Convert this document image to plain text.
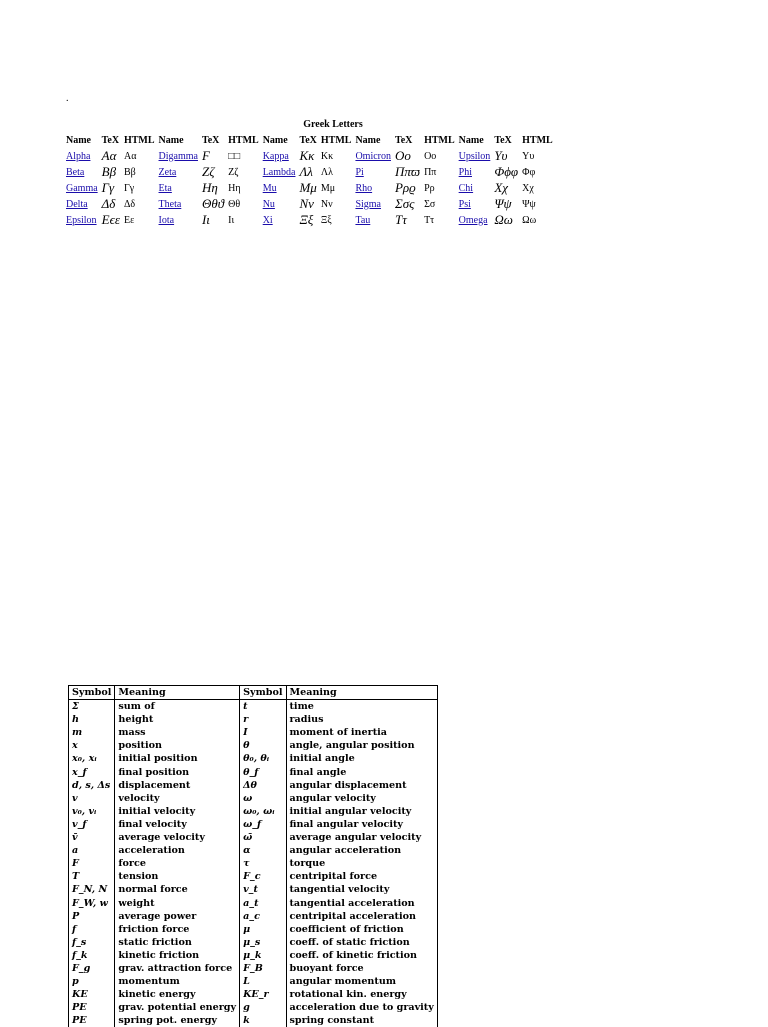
.
Greek Letters
Name	TeX	HTML	Name	TeX	HTML	Name	TeX	HTML	Name	TeX	HTML	Name	TeX	HTML
Alpha	Αα	Αα	Digamma	Ϝ	□□	Kappa	Κκ	Κκ	Omicron	Οο	Οο	Upsilon	Υυ	Υυ
Beta	Ββ	Ββ	Zeta	Ζζ	Ζζ	Lambda	Λλ	Λλ	Pi	Ππϖ	Ππ	Phi	Φϕφ	Φφ
Gamma	Γγ	Γγ	Eta	Ηη	Ηη	Mu	Μμ	Μμ	Rho	Ρρϱ	Ρρ	Chi	Χχ	Χχ
Delta	Δδ	Δδ	Theta	Θθϑ	Θθ	Nu	Νν	Νν	Sigma	Σσς	Σσ	Psi	Ψψ	Ψψ
Epsilon	Εϵε	Εε	Iota	Ιι	Ιι	Xi	Ξξ	Ξξ	Tau	Ττ	Ττ	Omega	Ωω	Ωω
Symbol	Meaning	Symbol	Meaning
Σ	sum of	t	time
h	height	r	radius
m	mass	I	moment of inertia
x	position	θ	angle, angular position
x₀, xᵢ	initial position	θ₀, θᵢ	initial angle
x_f	final position	θ_f	final angle
d, s, Δs	displacement	Δθ	angular displacement
v	velocity	ω	angular velocity
v₀, vᵢ	initial velocity	ω₀, ωᵢ	initial angular velocity
v_f	final velocity	ω_f	final angular velocity
v̄	average velocity	ω̄	average angular velocity
a	acceleration	α	angular acceleration
F	force	τ	torque
T	tension	F_c	centripital force
F_N, N	normal force	v_t	tangential velocity
F_W, w	weight	a_t	tangential acceleration
P	average power	a_c	centripital acceleration
f	friction force	μ	coefficient of friction
f_s	static friction	μ_s	coeff. of static friction
f_k	kinetic friction	μ_k	coeff. of kinetic friction
F_g	grav. attraction force	F_B	buoyant force
p	momentum	L	angular momentum
KE	kinetic energy	KE_r	rotational kin. energy
PE	grav. potential energy	g	acceleration due to gravity
PE	spring pot. energy	k	spring constant
